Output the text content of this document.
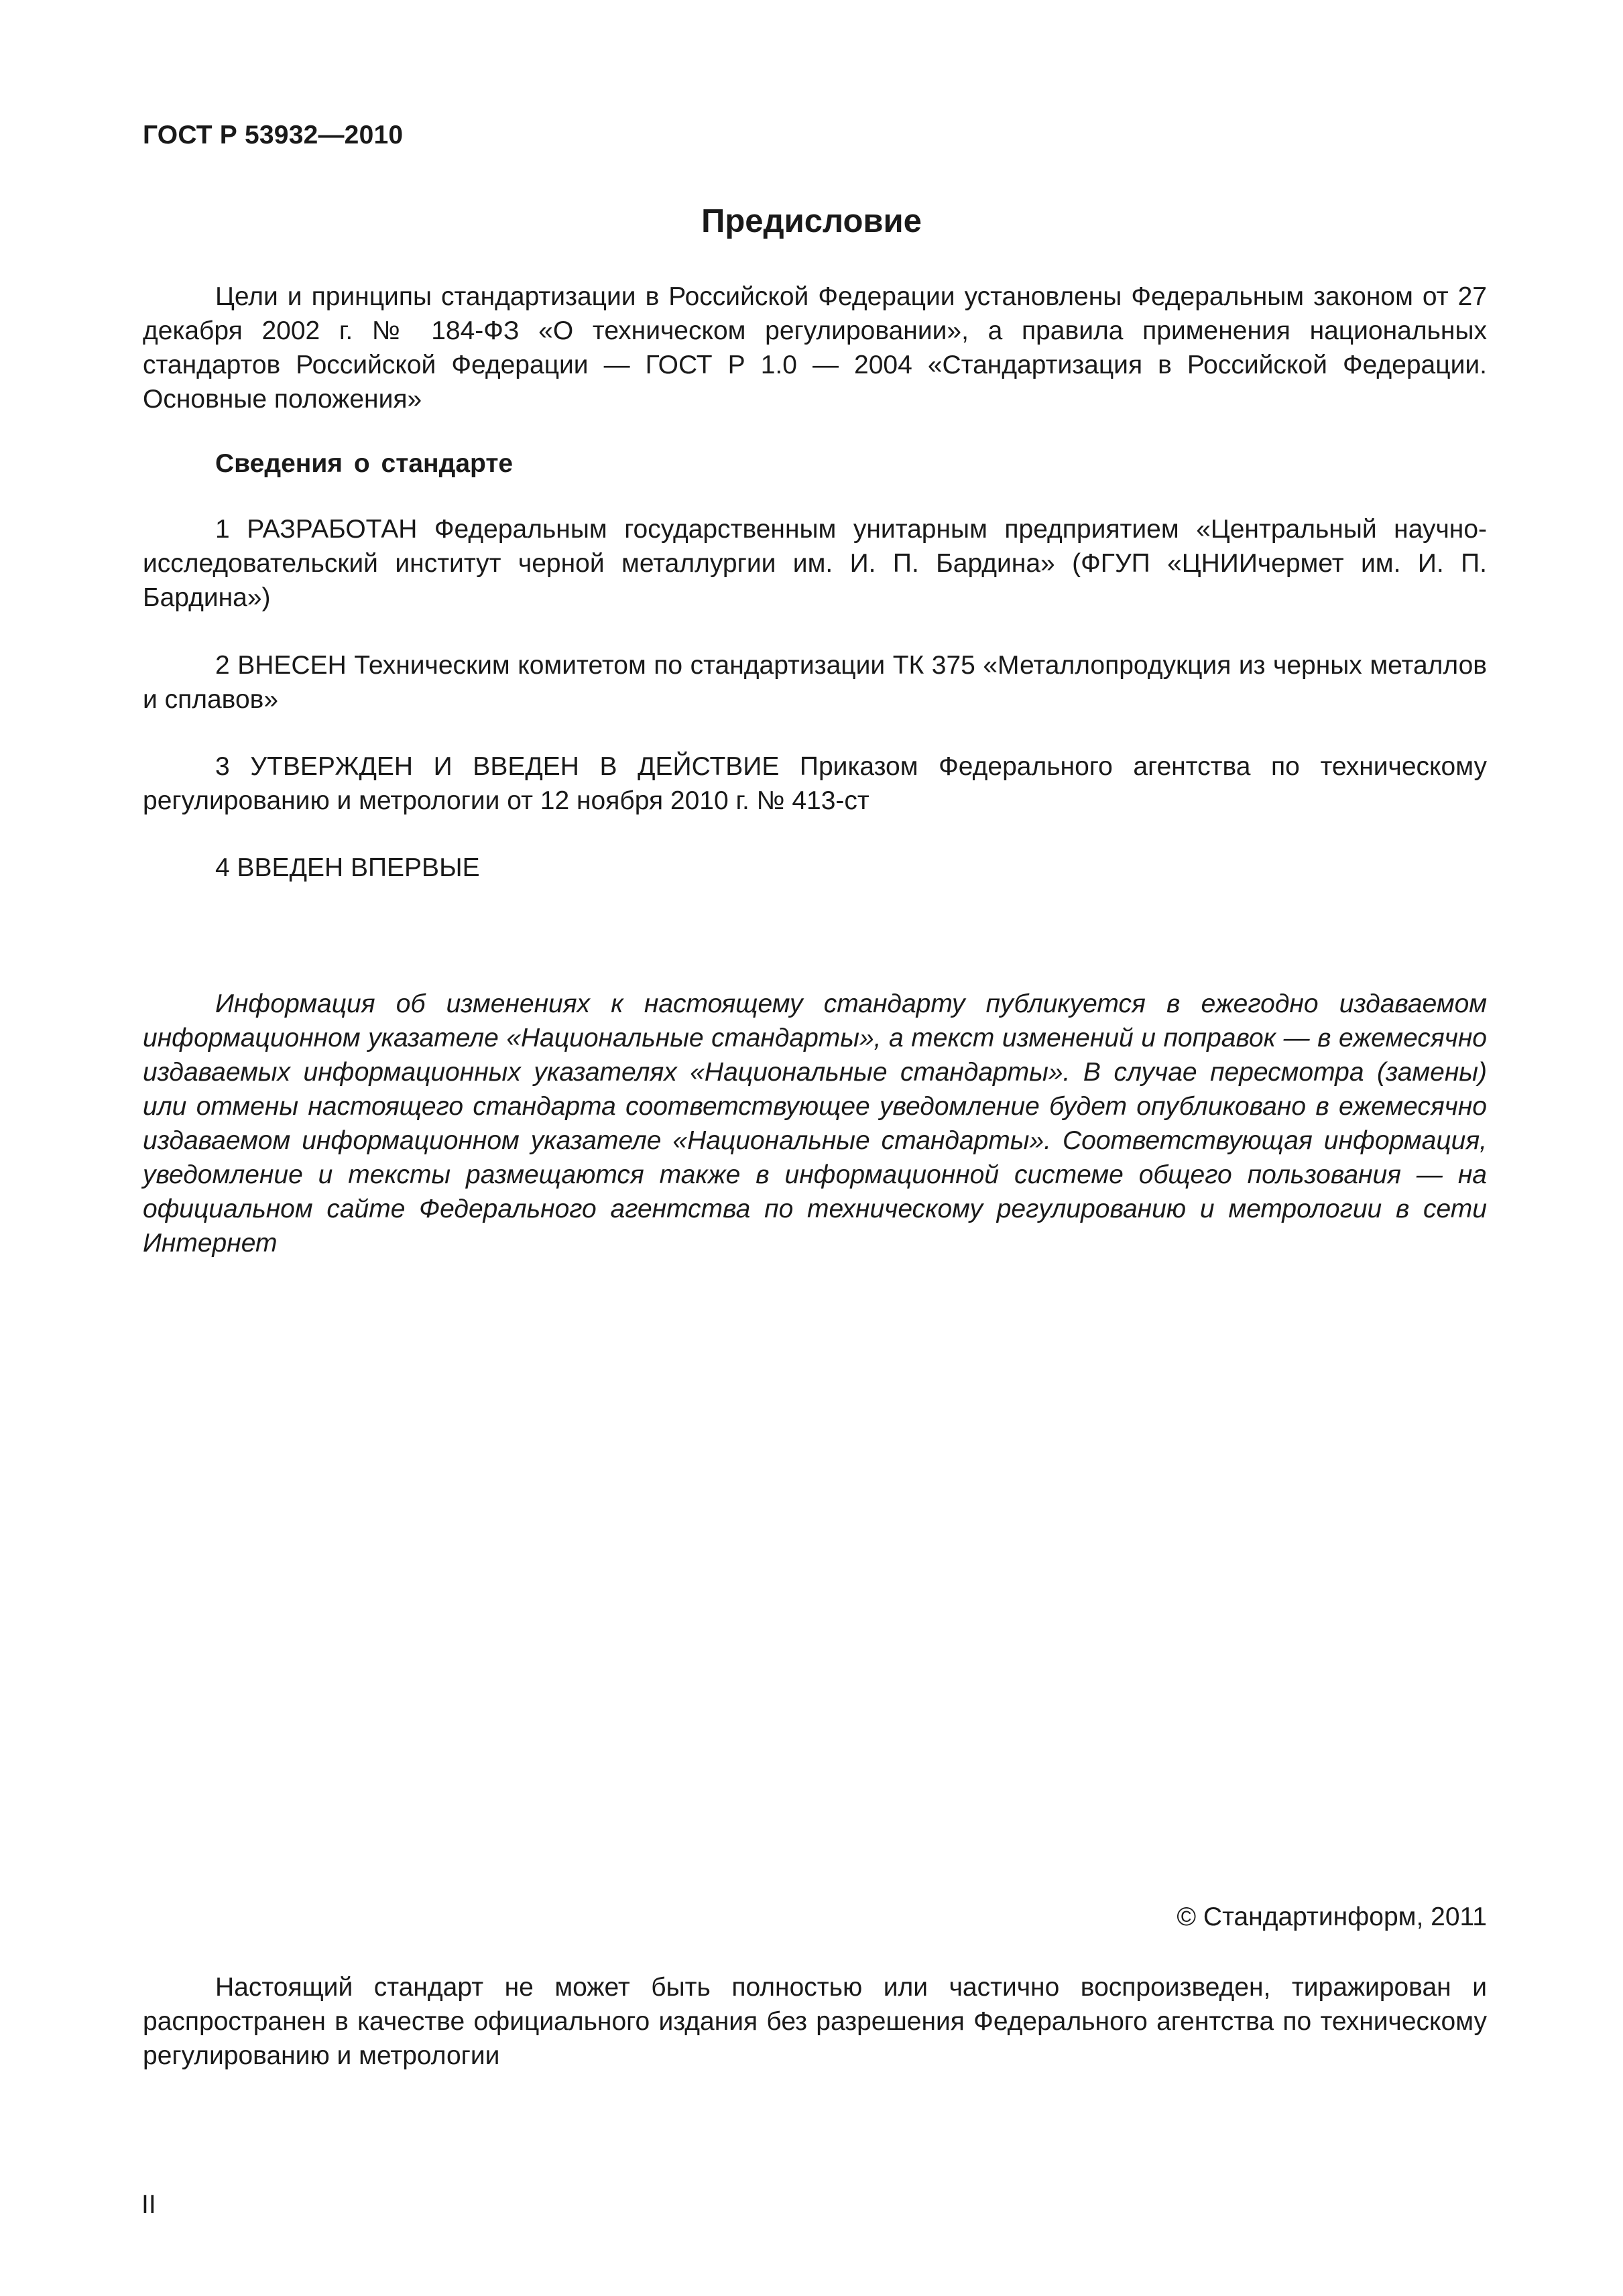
ГОСТ Р 53932—2010
Предисловие

Цели и принципы стандартизации в Российской Федерации установлены Федеральным законом от 27 декабря 2002 г. № 184-ФЗ «О техническом регулировании», а правила применения национальных стандартов Российской Федерации — ГОСТ Р 1.0 — 2004 «Стандартизация в Российской Федерации. Основные положения»

Сведения о стандарте

1 РАЗРАБОТАН Федеральным государственным унитарным предприятием «Центральный научно-исследовательский институт черной металлургии им. И. П. Бардина» (ФГУП «ЦНИИчермет им. И. П. Бардина»)

2 ВНЕСЕН Техническим комитетом по стандартизации ТК 375 «Металлопродукция из черных металлов и сплавов»

3 УТВЕРЖДЕН И ВВЕДЕН В ДЕЙСТВИЕ Приказом Федерального агентства по техническому регулированию и метрологии от 12 ноября 2010 г. № 413-ст

4 ВВЕДЕН ВПЕРВЫЕ

Информация об изменениях к настоящему стандарту публикуется в ежегодно издаваемом информационном указателе «Национальные стандарты», а текст изменений и поправок — в ежемесячно издаваемых информационных указателях «Национальные стандарты». В случае пересмотра (замены) или отмены настоящего стандарта соответствующее уведомление будет опубликовано в ежемесячно издаваемом информационном указателе «Национальные стандарты». Соответствующая информация, уведомление и тексты размещаются также в информационной системе общего пользования — на официальном сайте Федерального агентства по техническому регулированию и метрологии в сети Интернет

© Стандартинформ, 2011

Настоящий стандарт не может быть полностью или частично воспроизведен, тиражирован и распространен в качестве официального издания без разрешения Федерального агентства по техническому регулированию и метрологии

II
